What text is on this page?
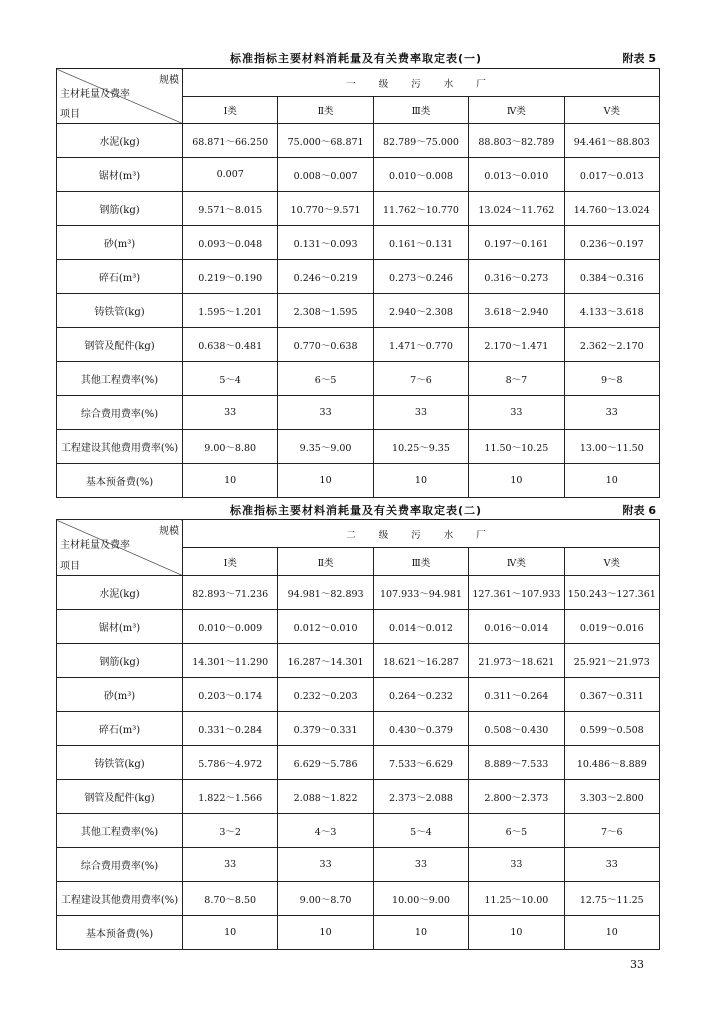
标准指标主要材料消耗量及有关费率取定表(一)	附表 5
规模
主材耗量及费率
项目	一 级 污 水 厂				
	Ⅰ类	Ⅱ类	Ⅲ类	Ⅳ类	Ⅴ类
水泥(kg)	68.871～66.250	75.000～68.871	82.789～75.000	88.803～82.789	94.461～88.803
锯材(m³)	0.007	0.008～0.007	0.010～0.008	0.013～0.010	0.017～0.013
钢筋(kg)	9.571～8.015	10.770～9.571	11.762～10.770	13.024～11.762	14.760～13.024
砂(m³)	0.093～0.048	0.131～0.093	0.161～0.131	0.197～0.161	0.236～0.197
碎石(m³)	0.219～0.190	0.246～0.219	0.273～0.246	0.316～0.273	0.384～0.316
铸铁管(kg)	1.595～1.201	2.308～1.595	2.940～2.308	3.618～2.940	4.133～3.618
钢管及配件(kg)	0.638～0.481	0.770～0.638	1.471～0.770	2.170～1.471	2.362～2.170
其他工程费率(%)	5～4	6～5	7～6	8～7	9～8
综合费用费率(%)	33	33	33	33	33
工程建设其他费用费率(%)	9.00～8.80	9.35～9.00	10.25～9.35	11.50～10.25	13.00～11.50
基本预备费(%)	10	10	10	10	10
标准指标主要材料消耗量及有关费率取定表(二)	附表 6
规模
主材耗量及费率
项目	二 级 污 水 厂				
	Ⅰ类	Ⅱ类	Ⅲ类	Ⅳ类	Ⅴ类
水泥(kg)	82.893～71.236	94.981～82.893	107.933～94.981	127.361～107.933	150.243～127.361
锯材(m³)	0.010～0.009	0.012～0.010	0.014～0.012	0.016～0.014	0.019～0.016
钢筋(kg)	14.301～11.290	16.287～14.301	18.621～16.287	21.973～18.621	25.921～21.973
砂(m³)	0.203～0.174	0.232～0.203	0.264～0.232	0.311～0.264	0.367～0.311
碎石(m³)	0.331～0.284	0.379～0.331	0.430～0.379	0.508～0.430	0.599～0.508
铸铁管(kg)	5.786～4.972	6.629～5.786	7.533～6.629	8.889～7.533	10.486～8.889
钢管及配件(kg)	1.822～1.566	2.088～1.822	2.373～2.088	2.800～2.373	3.303～2.800
其他工程费率(%)	3～2	4～3	5～4	6～5	7～6
综合费用费率(%)	33	33	33	33	33
工程建设其他费用费率(%)	8.70～8.50	9.00～8.70	10.00～9.00	11.25～10.00	12.75～11.25
基本预备费(%)	10	10	10	10	10
33
